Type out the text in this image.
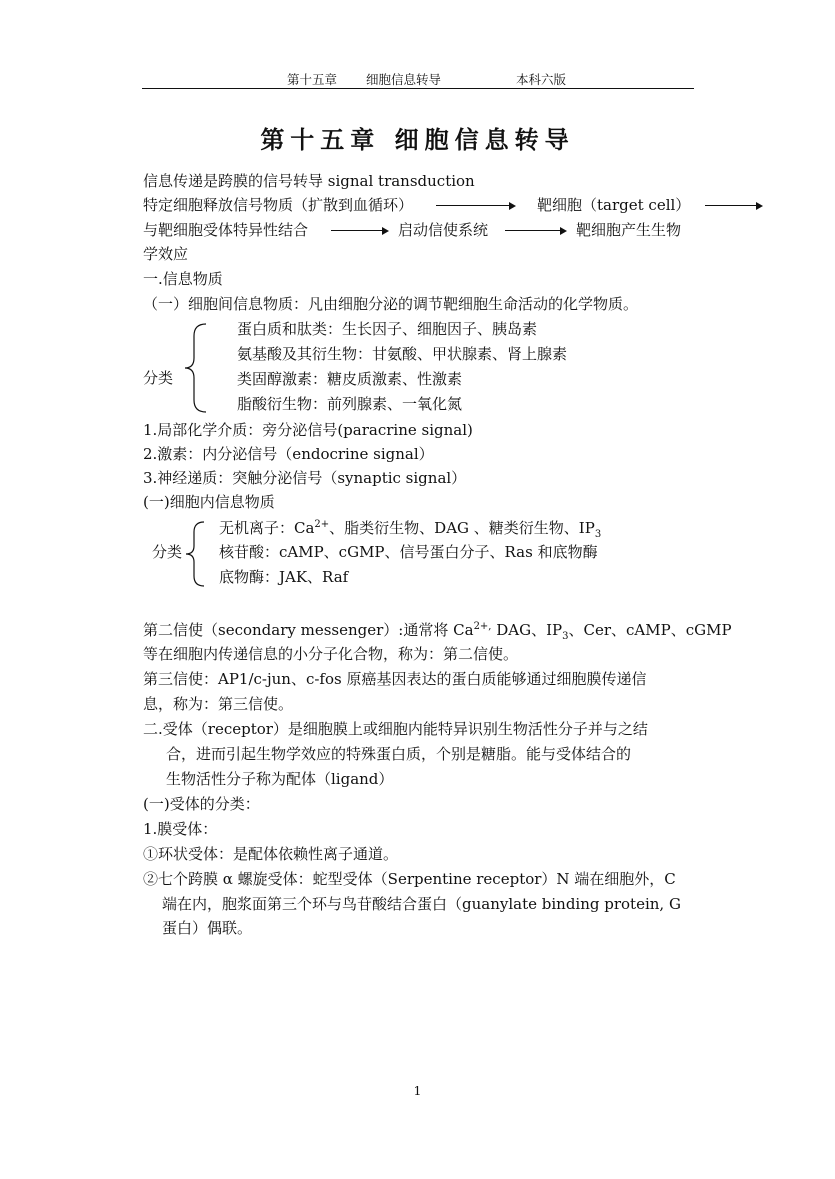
第十五章 细胞信息转导	本科六版
第十五章 细胞信息转导
信息传递是跨膜的信号转导 signal transduction
特定细胞释放信号物质（扩散到血循环）	靶细胞（target cell）
与靶细胞受体特异性结合	启动信使系统	靶细胞产生生物
学效应
一.信息物质
（一）细胞间信息物质：凡由细胞分泌的调节靶细胞生命活动的化学物质。
分类
蛋白质和肽类：生长因子、细胞因子、胰岛素
氨基酸及其衍生物：甘氨酸、甲状腺素、肾上腺素
类固醇激素：糖皮质激素、性激素
脂酸衍生物：前列腺素、一氧化氮
1.局部化学介质：旁分泌信号(paracrine signal)
2.激素：内分泌信号（endocrine signal）
3.神经递质：突触分泌信号（synaptic signal）
(一)细胞内信息物质
分类
无机离子：$Ca^{2+}$、脂类衍生物、DAG 、糖类衍生物、$IP_3$
核苷酸：cAMP、cGMP、信号蛋白分子、Ras 和底物酶
底物酶：JAK、Raf
第二信使（secondary messenger）:通常将 $Ca^{2+,}$ DAG、$IP_3$、Cer、cAMP、cGMP
等在细胞内传递信息的小分子化合物，称为：第二信使。
第三信使：AP1/c-jun、c-fos 原癌基因表达的蛋白质能够通过细胞膜传递信
息，称为：第三信使。
二.受体（receptor）是细胞膜上或细胞内能特异识别生物活性分子并与之结
合，进而引起生物学效应的特殊蛋白质，个别是糖脂。能与受体结合的
生物活性分子称为配体（ligand）
(一)受体的分类：
1.膜受体：
①环状受体：是配体依赖性离子通道。
②七个跨膜 α 螺旋受体：蛇型受体（Serpentine receptor）N 端在细胞外，C
端在内，胞浆面第三个环与鸟苷酸结合蛋白（guanylate binding protein, G
蛋白）偶联。
1
